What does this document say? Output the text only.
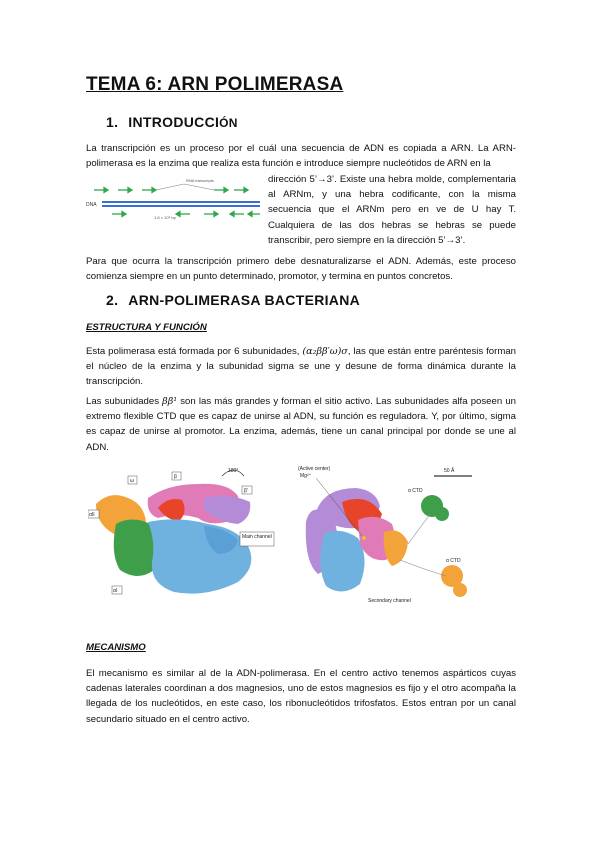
TEMA 6: ARN POLIMERASA
1. INTRODUCCIÓN
La transcripción es un proceso por el cuál una secuencia de ADN es copiada a ARN. La ARN-polimerasa es la enzima que realiza esta función e introduce siempre nucleótidos de ARN en la
DNA
RNA transcripts
1.8 × 10⁵ bp
dirección 5’→3’. Existe una hebra molde, complementaria al ARNm, y una hebra codificante, con la misma secuencia que el ARNm pero en ve de U hay T. Cualquiera de las dos hebras se hebras se puede transcribir, pero siempre en la dirección 5’→3’.
Para que ocurra la transcripción primero debe desnaturalizarse el ADN. Además, este proceso comienza siempre en un punto determinado, promotor, y termina en puntos concretos.
2. ARN-POLIMERASA BACTERIANA
ESTRUCTURA Y FUNCIÓN
Esta polimerasa está formada por 6 subunidades, (α₂ββ′ω)σ, las que están entre paréntesis forman el núcleo de la enzima y la subunidad sigma se une y desune de forma dinámica durante la transcripción.
Las subunidades ββ¹ son las más grandes y forman el sitio activo. Las subunidades alfa poseen un extremo flexible CTD que es capaz de unirse al ADN, su función es reguladora. Y, por último, sigma es capaz de unirse al promotor. La enzima, además, tiene un canal principal por donde se une al ADN.
ω
β
αII
αI
β′
Main channel
180°	(Active center)
Mg²⁺
50 Å
α CTD
α CTD
Secondary channel
MECANISMO
El mecanismo es similar al de la ADN-polimerasa. En el centro activo tenemos aspárticos cuyas cadenas laterales coordinan a dos magnesios, uno de estos magnesios es fijo y el otro acompaña la llegada de los nucleótidos, en este caso, los ribonucleótidos trifosfatos. Estos entran por un canal secundario situado en el centro activo.
